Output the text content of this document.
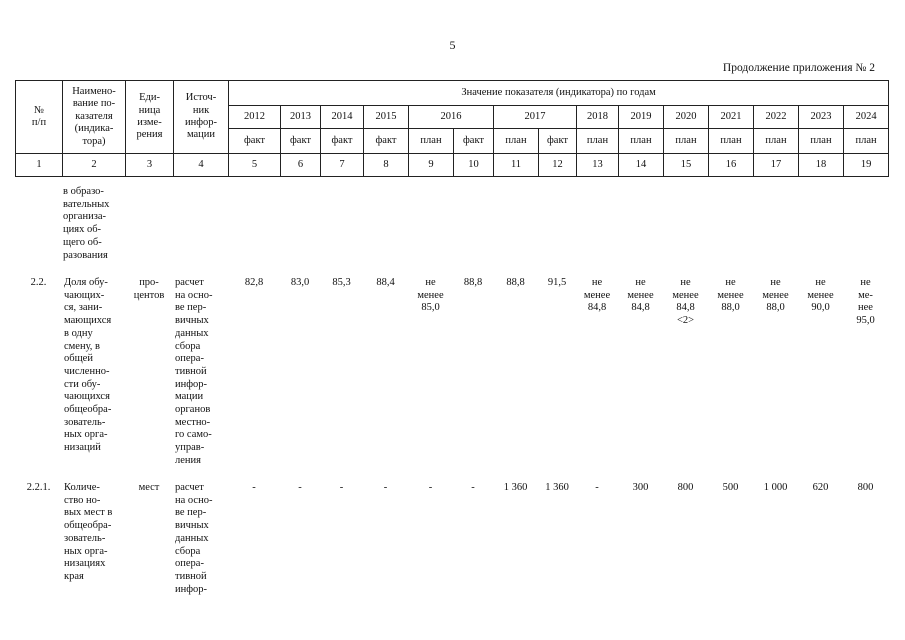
5
Продолжение приложения № 2
№
п/п	Наимено-
вание по-
казателя
(индика-
тора)	Еди-
ница
изме-
рения	Источ-
ник
инфор-
мации	Значение показателя (индикатора) по годам														
				2012	2013	2014	2015	2016		2017		2018	2019	2020	2021	2022	2023	2024
				факт	факт	факт	факт	план	факт	план	факт	план	план	план	план	план	план	план
1	2	3	4	5	6	7	8	9	10	11	12	13	14	15	16	17	18	19
в образо-
вательных
организа-
циях об-
щего об-
разования
2.2.	Доля обу-
чающих-
ся, зани-
мающихся
в одну
смену, в
общей
численно-
сти обу-
чающихся
общеобра-
зователь-
ных орга-
низаций	про-
центов	расчет
на осно-
ве пер-
вичных
данных
сбора
опера-
тивной
инфор-
мации
органов
местно-
го само-
управ-
ления	82,8	83,0	85,3	88,4	не
менее
85,0	88,8	88,8	91,5	не
менее
84,8	не
менее
84,8	не
менее
84,8
<2>	не
менее
88,0	не
менее
88,0	не
менее
90,0	не
ме-
нее
95,0
2.2.1.	Количе-
ство но-
вых мест в
общеобра-
зователь-
ных орга-
низациях
края	мест	расчет
на осно-
ве пер-
вичных
данных
сбора
опера-
тивной
инфор-	-	-	-	-	-	-	1 360	1 360	-	300	800	500	1 000	620	800
